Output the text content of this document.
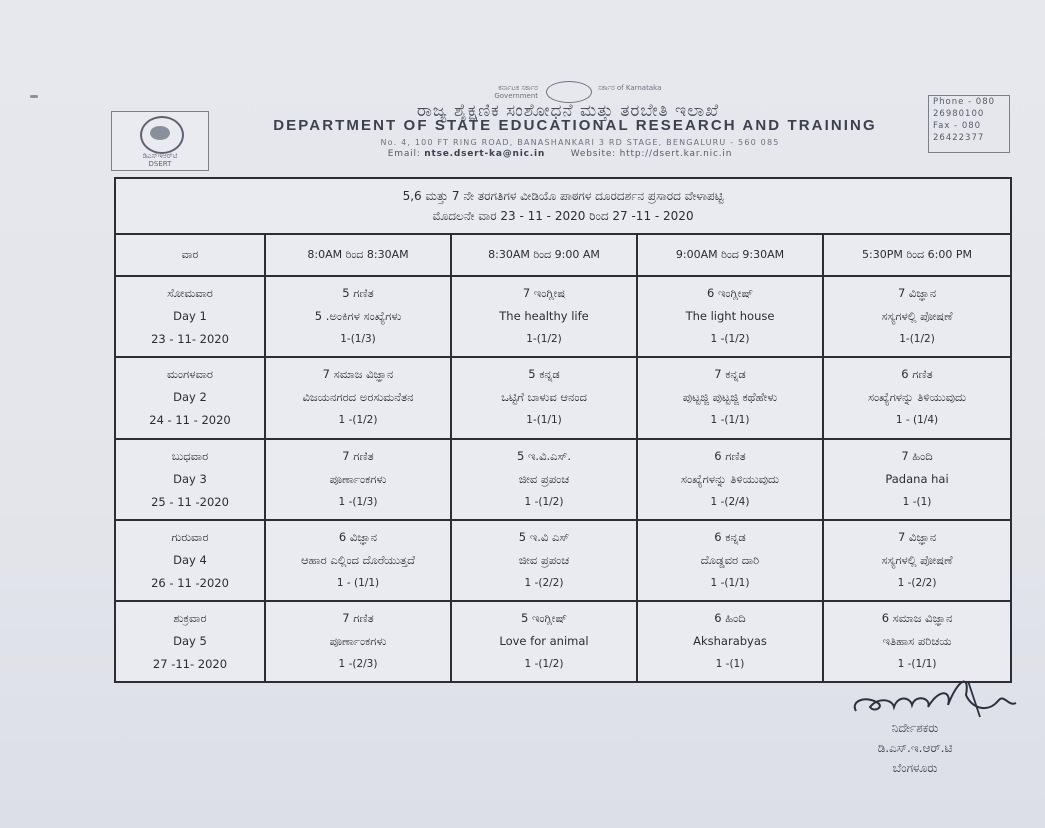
ಕರ್ನಾಟಕ ಸರ್ಕಾರ Government
ಸರ್ಕಾರ of Karnataka
ಡಿಎಸ್‌ಇಆರ್‌ಟಿ
DSERT
ರಾಜ್ಯ ಶೈಕ್ಷಣಿಕ ಸಂಶೋಧನೆ ಮತ್ತು ತರಬೇತಿ ಇಲಾಖೆ
DEPARTMENT OF STATE EDUCATIONAL RESEARCH AND TRAINING
No. 4, 100 FT RING ROAD, BANASHANKARI 3 RD STAGE, BENGALURU - 560 085
Email: ntse.dsert-ka@nic.in	Website: http://dsert.kar.nic.in
Phone - 080
26980100
Fax - 080
26422377
5,6 ಮತ್ತು 7 ನೇ ತರಗತಿಗಳ ವೀಡಿಯೊ ಪಾಠಗಳ ದೂರದರ್ಶನ ಪ್ರಸಾರದ ವೇಳಾಪಟ್ಟಿ
ಮೊದಲನೇ ವಾರ 23 - 11 - 2020 ರಿಂದ 27 -11 - 2020				

ವಾರ	8:0AM ರಿಂದ 8:30AM	8:30AM ರಿಂದ 9:00 AM	9:00AM ರಿಂದ 9:30AM	5:30PM ರಿಂದ 6:00 PM

ಸೋಮವಾರ
Day 1
23 - 11- 2020	5 ಗಣಿತ
5 .ಅಂಕಿಗಳ ಸಂಖ್ಯೆಗಳು
1-(1/3)	7 ಇಂಗ್ಲೀಷ
The healthy life
1-(1/2)	6 ಇಂಗ್ಲೀಷ್
The light house
1 -(1/2)	7 ವಿಜ್ಞಾನ
ಸಸ್ಯಗಳಲ್ಲಿ ಪೋಷಣೆ
1-(1/2)

ಮಂಗಳವಾರ
Day 2
24 - 11 - 2020	7 ಸಮಾಜ ವಿಜ್ಞಾನ
ವಿಜಯನಗರದ ಅರಸುಮನೆತನ
1 -(1/2)	5 ಕನ್ನಡ
ಒಟ್ಟಿಗೆ ಬಾಳುವ ಆನಂದ
1-(1/1)	7 ಕನ್ನಡ
ಪುಟ್ಟಜ್ಜಿ ಪುಟ್ಟಜ್ಜಿ ಕಥೆಹೇಳು
1 -(1/1)	6 ಗಣಿತ
ಸಂಖ್ಯೆಗಳನ್ನು ತಿಳಿಯುವುದು
1 - (1/4)

ಬುಧವಾರ
Day 3
25 - 11 -2020	7 ಗಣಿತ
ಪೂರ್ಣಾಂಕಗಳು
1 -(1/3)	5 ಇ.ವಿ.ಎಸ್.
ಜೀವ ಪ್ರಪಂಚ
1 -(1/2)	6 ಗಣಿತ
ಸಂಖ್ಯೆಗಳನ್ನು ತಿಳಿಯುವುದು
1 -(2/4)	7 ಹಿಂದಿ
Padana hai
1 -(1)

ಗುರುವಾರ
Day 4
26 - 11 -2020	6 ವಿಜ್ಞಾನ
ಆಹಾರ ಎಲ್ಲಿಂದ ದೊರೆಯುತ್ತದೆ
1 - (1/1)	5 ಇ.ವಿ ಎಸ್
ಜೀವ ಪ್ರಪಂಚ
1 -(2/2)	6 ಕನ್ನಡ
ದೊಡ್ಡವರ ದಾರಿ
1 -(1/1)	7 ವಿಜ್ಞಾನ
ಸಸ್ಯಗಳಲ್ಲಿ ಪೋಷಣೆ
1 -(2/2)

ಶುಕ್ರವಾರ
Day 5
27 -11- 2020	7 ಗಣಿತ
ಪೂರ್ಣಾಂಕಗಳು
1 -(2/3)	5 ಇಂಗ್ಲೀಷ್
Love for animal
1 -(1/2)	6 ಹಿಂದಿ
Aksharabyas
1 -(1)	6 ಸಮಾಜ ವಿಜ್ಞಾನ
ಇತಿಹಾಸ ಪರಿಚಯ
1 -(1/1)
ನಿರ್ದೇಶಕರು
ಡಿ.ಎಸ್.ಇ.ಆರ್.ಟಿ
ಬೆಂಗಳೂರು
